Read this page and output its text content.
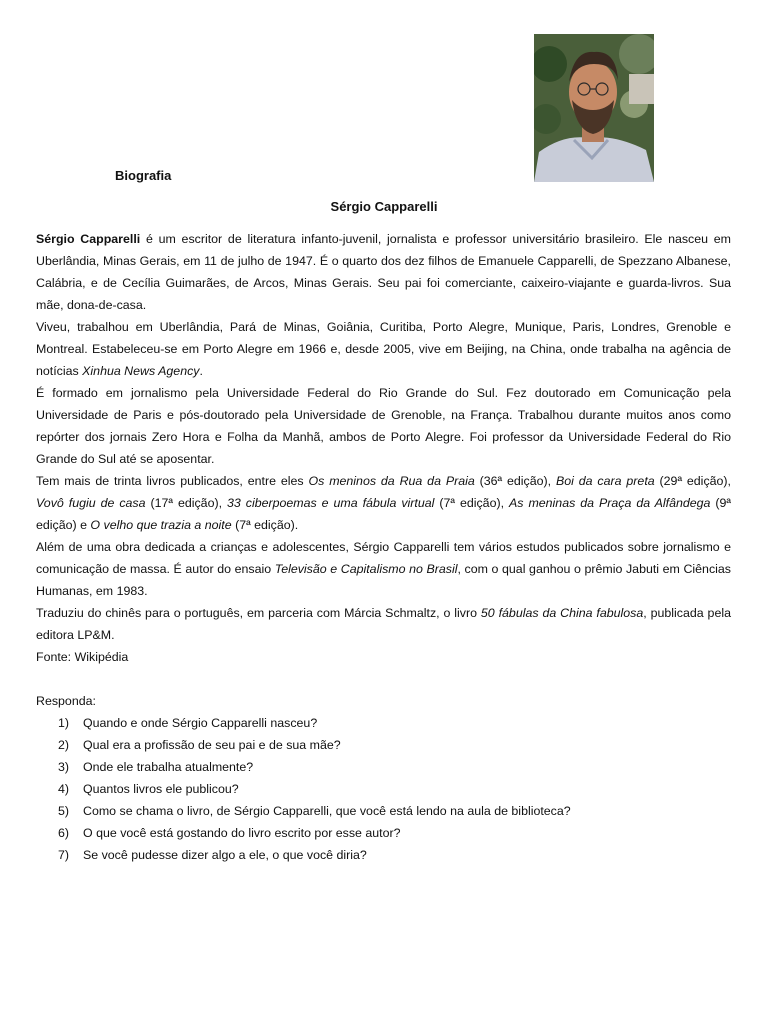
Biografia
Sérgio Capparelli

Sérgio Capparelli é um escritor de literatura infanto-juvenil, jornalista e professor universitário brasileiro. Ele nasceu em Uberlândia, Minas Gerais, em 11 de julho de 1947. É o quarto dos dez filhos de Emanuele Capparelli, de Spezzano Albanese, Calábria, e de Cecília Guimarães, de Arcos, Minas Gerais. Seu pai foi comerciante, caixeiro-viajante e guarda-livros. Sua mãe, dona-de-casa.

Viveu, trabalhou em Uberlândia, Pará de Minas, Goiânia, Curitiba, Porto Alegre, Munique, Paris, Londres, Grenoble e Montreal. Estabeleceu-se em Porto Alegre em 1966 e, desde 2005, vive em Beijing, na China, onde trabalha na agência de notícias Xinhua News Agency.

É formado em jornalismo pela Universidade Federal do Rio Grande do Sul. Fez doutorado em Comunicação pela Universidade de Paris e pós-doutorado pela Universidade de Grenoble, na França. Trabalhou durante muitos anos como repórter dos jornais Zero Hora e Folha da Manhã, ambos de Porto Alegre. Foi professor da Universidade Federal do Rio Grande do Sul até se aposentar.

Tem mais de trinta livros publicados, entre eles Os meninos da Rua da Praia (36ª edição), Boi da cara preta (29ª edição), Vovô fugiu de casa (17ª edição), 33 ciberpoemas e uma fábula virtual (7ª edição), As meninas da Praça da Alfândega (9ª edição) e O velho que trazia a noite (7ª edição).

Além de uma obra dedicada a crianças e adolescentes, Sérgio Capparelli tem vários estudos publicados sobre jornalismo e comunicação de massa. É autor do ensaio Televisão e Capitalismo no Brasil, com o qual ganhou o prêmio Jabuti em Ciências Humanas, em 1983.

Traduziu do chinês para o português, em parceria com Márcia Schmaltz, o livro 50 fábulas da China fabulosa, publicada pela editora LP&M.

Fonte: Wikipédia

Responda:

1)	Quando e onde Sérgio Capparelli nasceu?
2)	Qual era a profissão de seu pai e de sua mãe?
3)	Onde ele trabalha atualmente?
4)	Quantos livros ele publicou?
5)	Como se chama o livro, de Sérgio Capparelli, que você está lendo na aula de biblioteca?
6)	O que você está gostando do livro escrito por esse autor?
7)	Se você pudesse dizer algo a ele, o que você diria?
